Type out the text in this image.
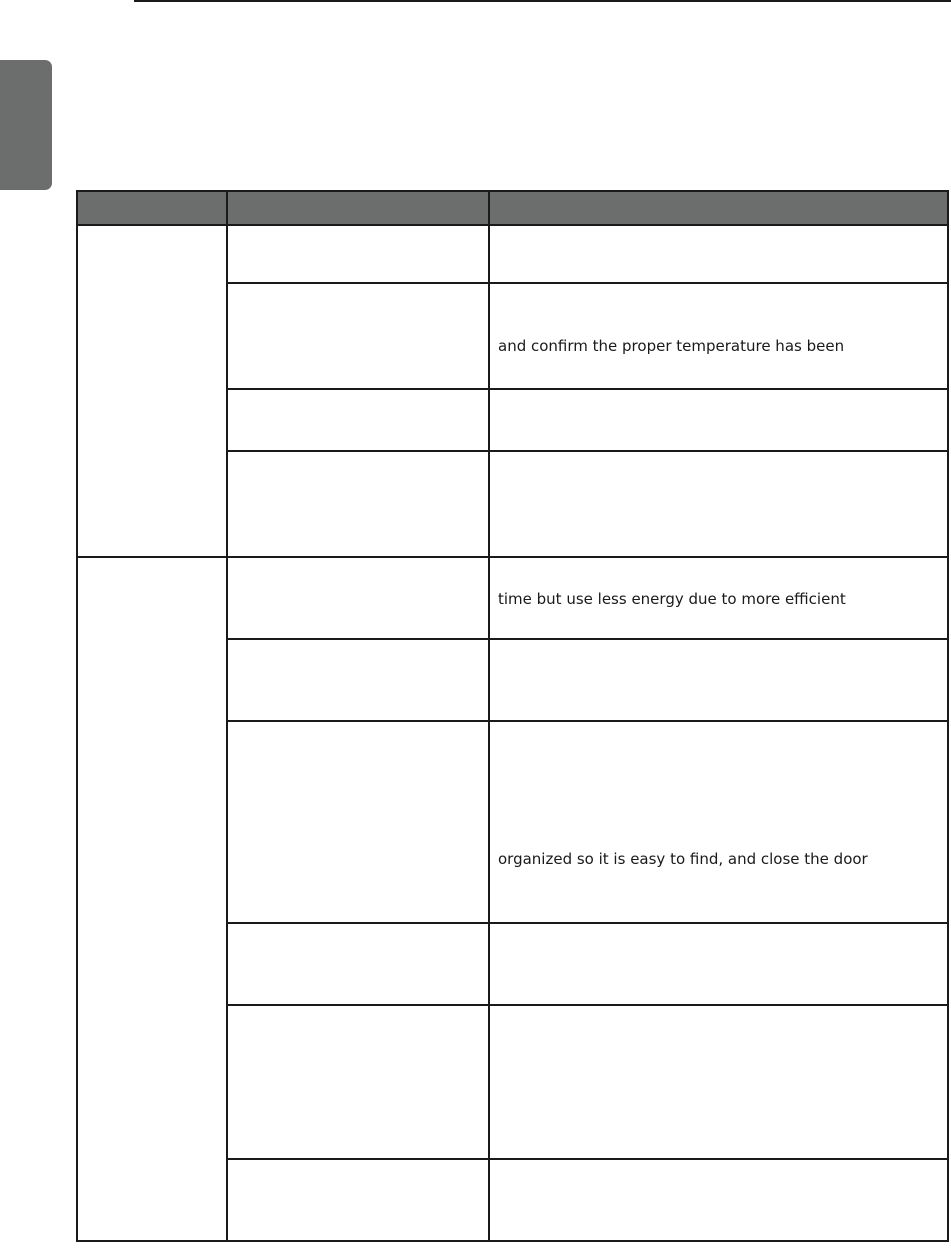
		and confirm the proper temperature has been

		time but use less energy due to more efficient

		organized so it is easy to find, and close the door
